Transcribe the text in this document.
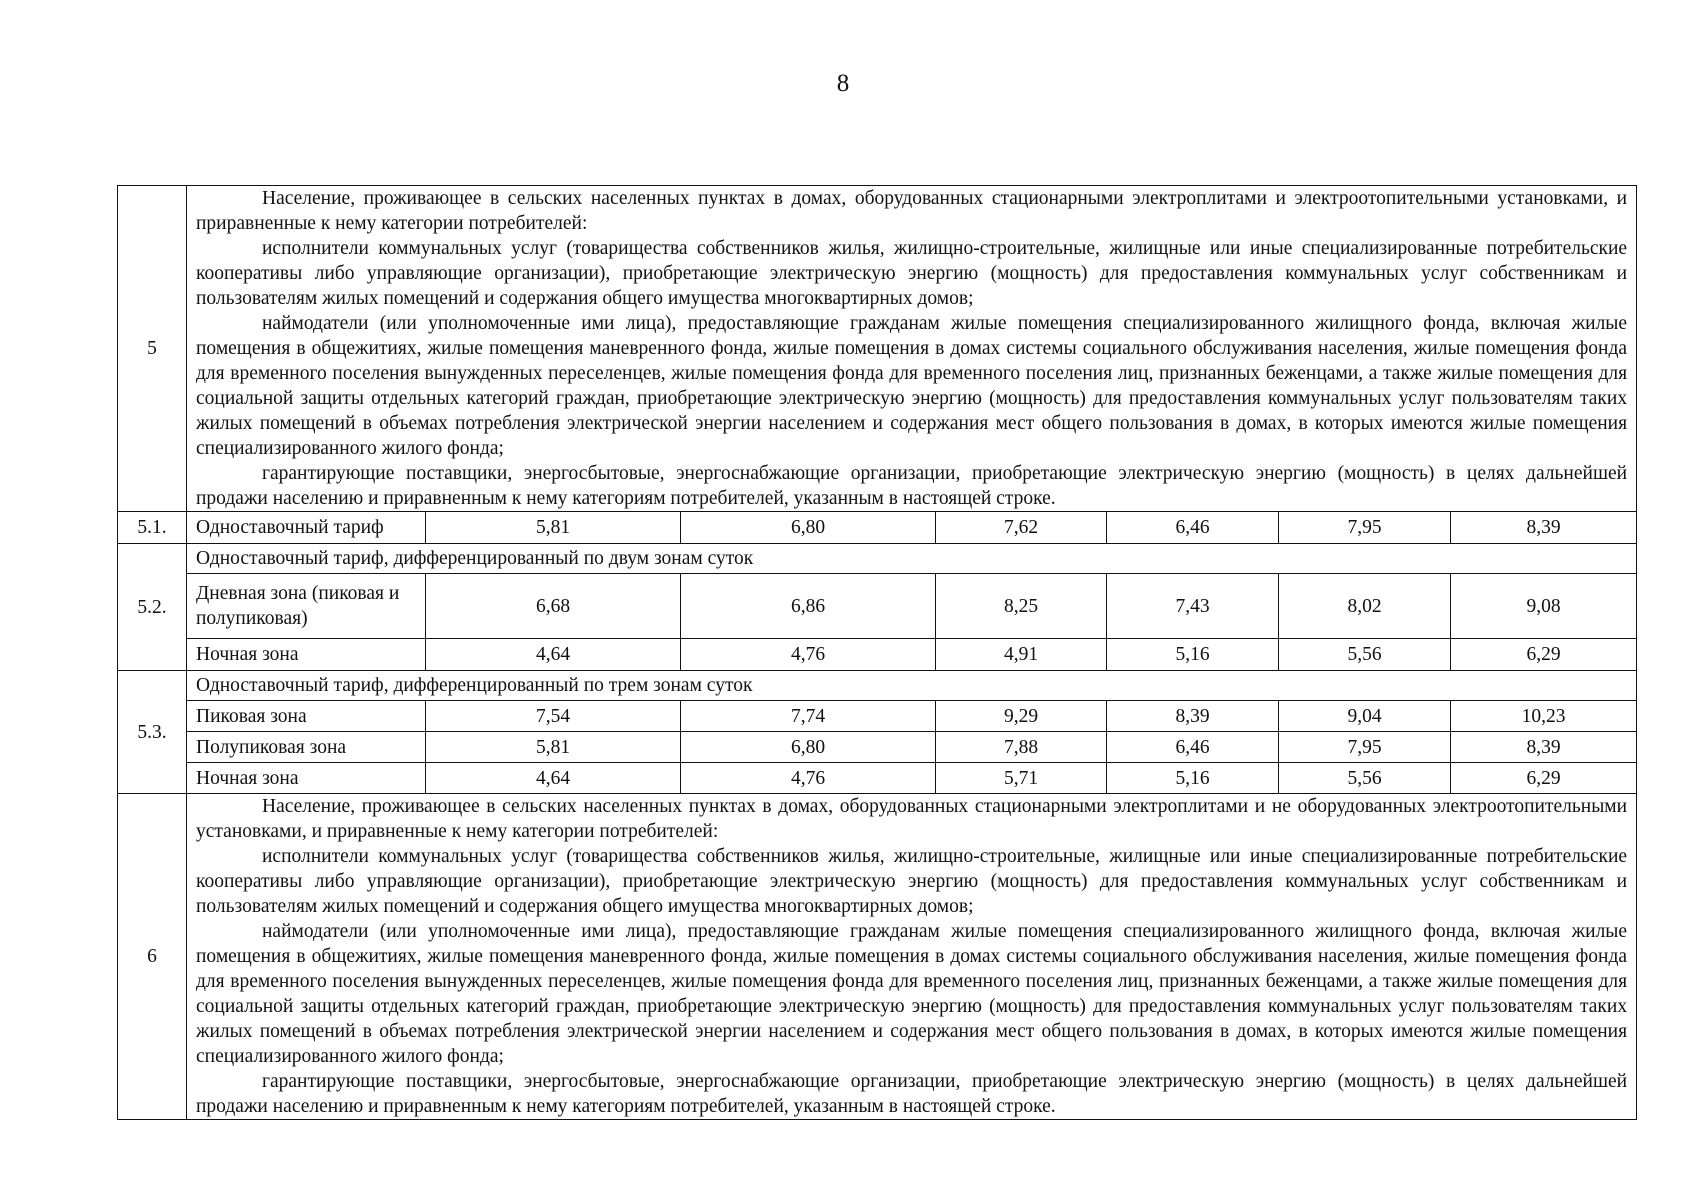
8
5	Население, проживающее в сельских населенных пунктах в домах, оборудованных стационарными электроплитами и электроотопительными установками, и приравненные к нему категории потребителей:

исполнители коммунальных услуг (товарищества собственников жилья, жилищно-строительные, жилищные или иные специализированные потребительские кооперативы либо управляющие организации), приобретающие электрическую энергию (мощность) для предоставления коммунальных услуг собственникам и пользователям жилых помещений и содержания общего имущества многоквартирных домов;

наймодатели (или уполномоченные ими лица), предоставляющие гражданам жилые помещения специализированного жилищного фонда, включая жилые помещения в общежитиях, жилые помещения маневренного фонда, жилые помещения в домах системы социального обслуживания населения, жилые помещения фонда для временного поселения вынужденных переселенцев, жилые помещения фонда для временного поселения лиц, признанных беженцами, а также жилые помещения для социальной защиты отдельных категорий граждан, приобретающие электрическую энергию (мощность) для предоставления коммунальных услуг пользователям таких жилых помещений в объемах потребления электрической энергии населением и содержания мест общего пользования в домах, в которых имеются жилые помещения специализированного жилого фонда;

гарантирующие поставщики, энергосбытовые, энергоснабжающие организации, приобретающие электрическую энергию (мощность) в целях дальнейшей продажи населению и приравненным к нему категориям потребителей, указанным в настоящей строке.						

5.1.	Одноставочный тариф	5,81	6,80	7,62	6,46	7,95	8,39
5.2.	Одноставочный тариф, дифференцированный по двум зонам суток						
	Дневная зона (пиковая и полупиковая)	6,68	6,86	8,25	7,43	8,02	9,08
	Ночная зона	4,64	4,76	4,91	5,16	5,56	6,29
5.3.	Одноставочный тариф, дифференцированный по трем зонам суток						
	Пиковая зона	7,54	7,74	9,29	8,39	9,04	10,23
	Полупиковая зона	5,81	6,80	7,88	6,46	7,95	8,39
	Ночная зона	4,64	4,76	5,71	5,16	5,56	6,29
6	Население, проживающее в сельских населенных пунктах в домах, оборудованных стационарными электроплитами и не оборудованных электроотопительными установками, и приравненные к нему категории потребителей:

исполнители коммунальных услуг (товарищества собственников жилья, жилищно-строительные, жилищные или иные специализированные потребительские кооперативы либо управляющие организации), приобретающие электрическую энергию (мощность) для предоставления коммунальных услуг собственникам и пользователям жилых помещений и содержания общего имущества многоквартирных домов;

наймодатели (или уполномоченные ими лица), предоставляющие гражданам жилые помещения специализированного жилищного фонда, включая жилые помещения в общежитиях, жилые помещения маневренного фонда, жилые помещения в домах системы социального обслуживания населения, жилые помещения фонда для временного поселения вынужденных переселенцев, жилые помещения фонда для временного поселения лиц, признанных беженцами, а также жилые помещения для социальной защиты отдельных категорий граждан, приобретающие электрическую энергию (мощность) для предоставления коммунальных услуг пользователям таких жилых помещений в объемах потребления электрической энергии населением и содержания мест общего пользования в домах, в которых имеются жилые помещения специализированного жилого фонда;

гарантирующие поставщики, энергосбытовые, энергоснабжающие организации, приобретающие электрическую энергию (мощность) в целях дальнейшей продажи населению и приравненным к нему категориям потребителей, указанным в настоящей строке.						
